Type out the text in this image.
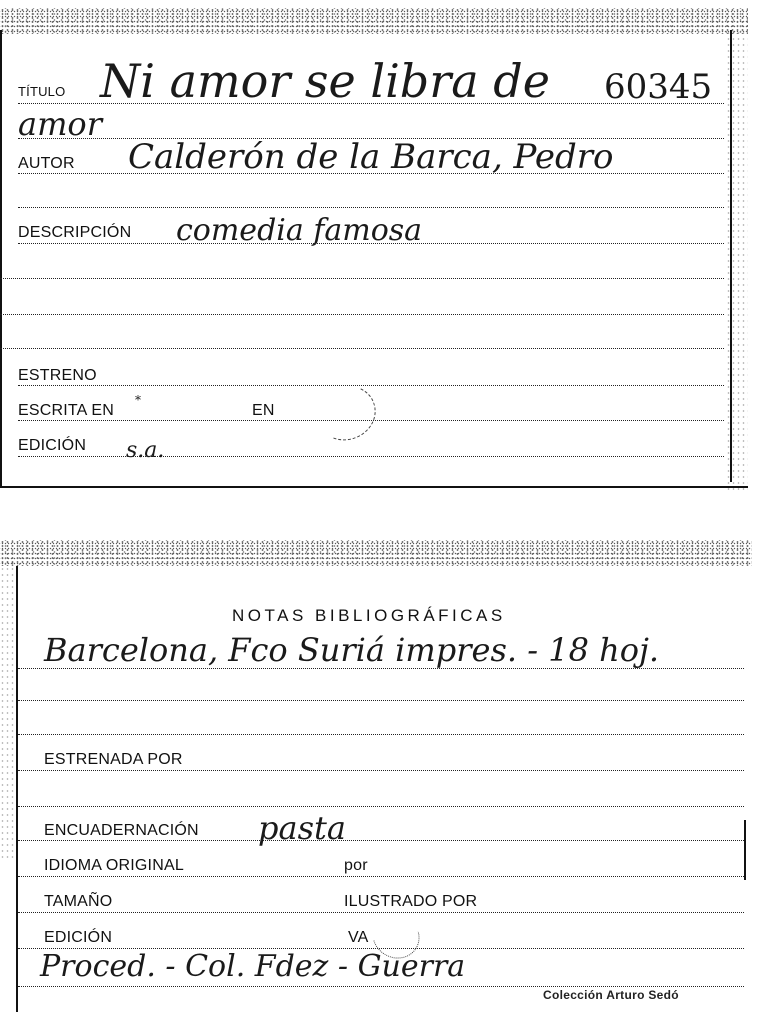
TÍTULO Ni amor se libra de 60345
amor
AUTOR Calderón de la Barca, Pedro
DESCRIPCIÓN comedia famosa
ESTRENO
ESCRITA EN
*
EN
EDICIÓN s.a.
NOTAS BIBLIOGRÁFICAS
Barcelona, Fco Suriá impres. - 18 hoj.
ESTRENADA POR
ENCUADERNACIÓN pasta
IDIOMA ORIGINAL	por
TAMAÑO	ILUSTRADO POR
EDICIÓN	VA
Proced. - Col. Fdez - Guerra
Colección Arturo Sedó
